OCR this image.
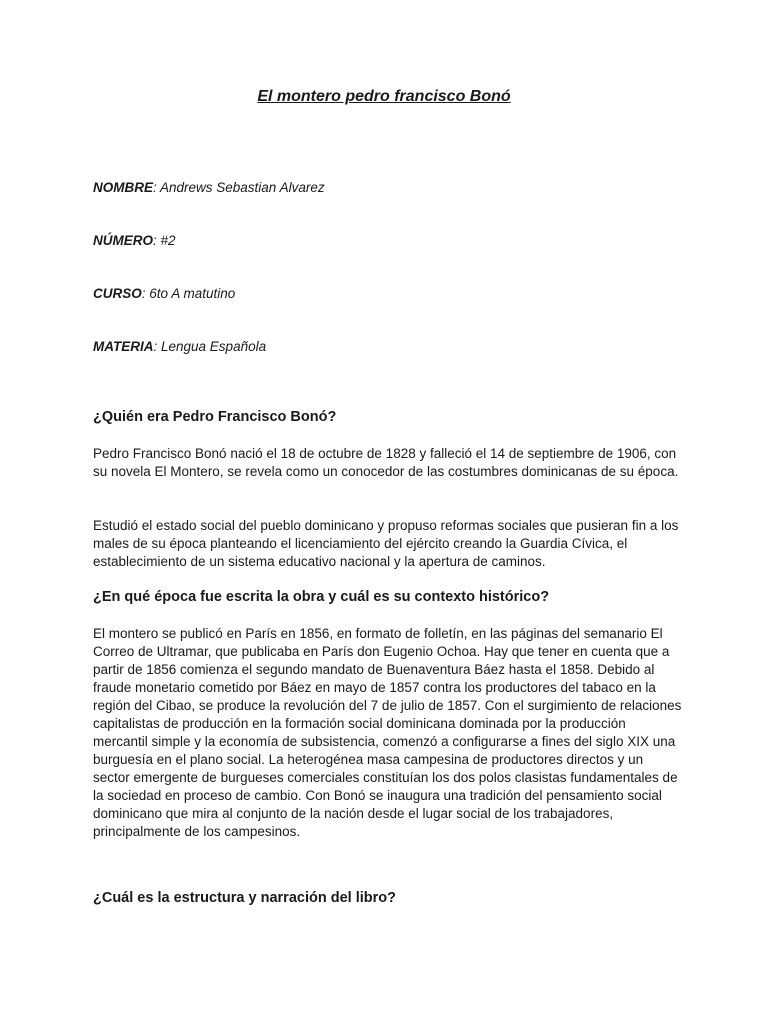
El montero pedro francisco Bonó

NOMBRE: Andrews Sebastian Alvarez

NÚMERO: #2

CURSO: 6to A matutino

MATERIA: Lengua Española

¿Quién era Pedro Francisco Bonó?

Pedro Francisco Bonó nació el 18 de octubre de 1828 y falleció el 14 de septiembre de 1906, con su novela El Montero, se revela como un conocedor de las costumbres dominicanas de su época.

Estudió el estado social del pueblo dominicano y propuso reformas sociales que pusieran fin a los males de su época planteando el licenciamiento del ejército creando la Guardia Cívica, el establecimiento de un sistema educativo nacional y la apertura de caminos.

¿En qué época fue escrita la obra y cuál es su contexto histórico?

El montero se publicó en París en 1856, en formato de folletín, en las páginas del semanario El Correo de Ultramar, que publicaba en París don Eugenio Ochoa. Hay que tener en cuenta que a partir de 1856 comienza el segundo mandato de Buenaventura Báez hasta el 1858. Debido al fraude monetario cometido por Báez en mayo de 1857 contra los productores del tabaco en la región del Cibao, se produce la revolución del 7 de julio de 1857. Con el surgimiento de relaciones capitalistas de producción en la formación social dominicana dominada por la producción mercantil simple y la economía de subsistencia, comenzó a configurarse a fines del siglo XIX una burguesía en el plano social. La heterogénea masa campesina de productores directos y un sector emergente de burgueses comerciales constituían los dos polos clasistas fundamentales de la sociedad en proceso de cambio. Con Bonó se inaugura una tradición del pensamiento social dominicano que mira al conjunto de la nación desde el lugar social de los trabajadores, principalmente de los campesinos.

¿Cuál es la estructura y narración del libro?
